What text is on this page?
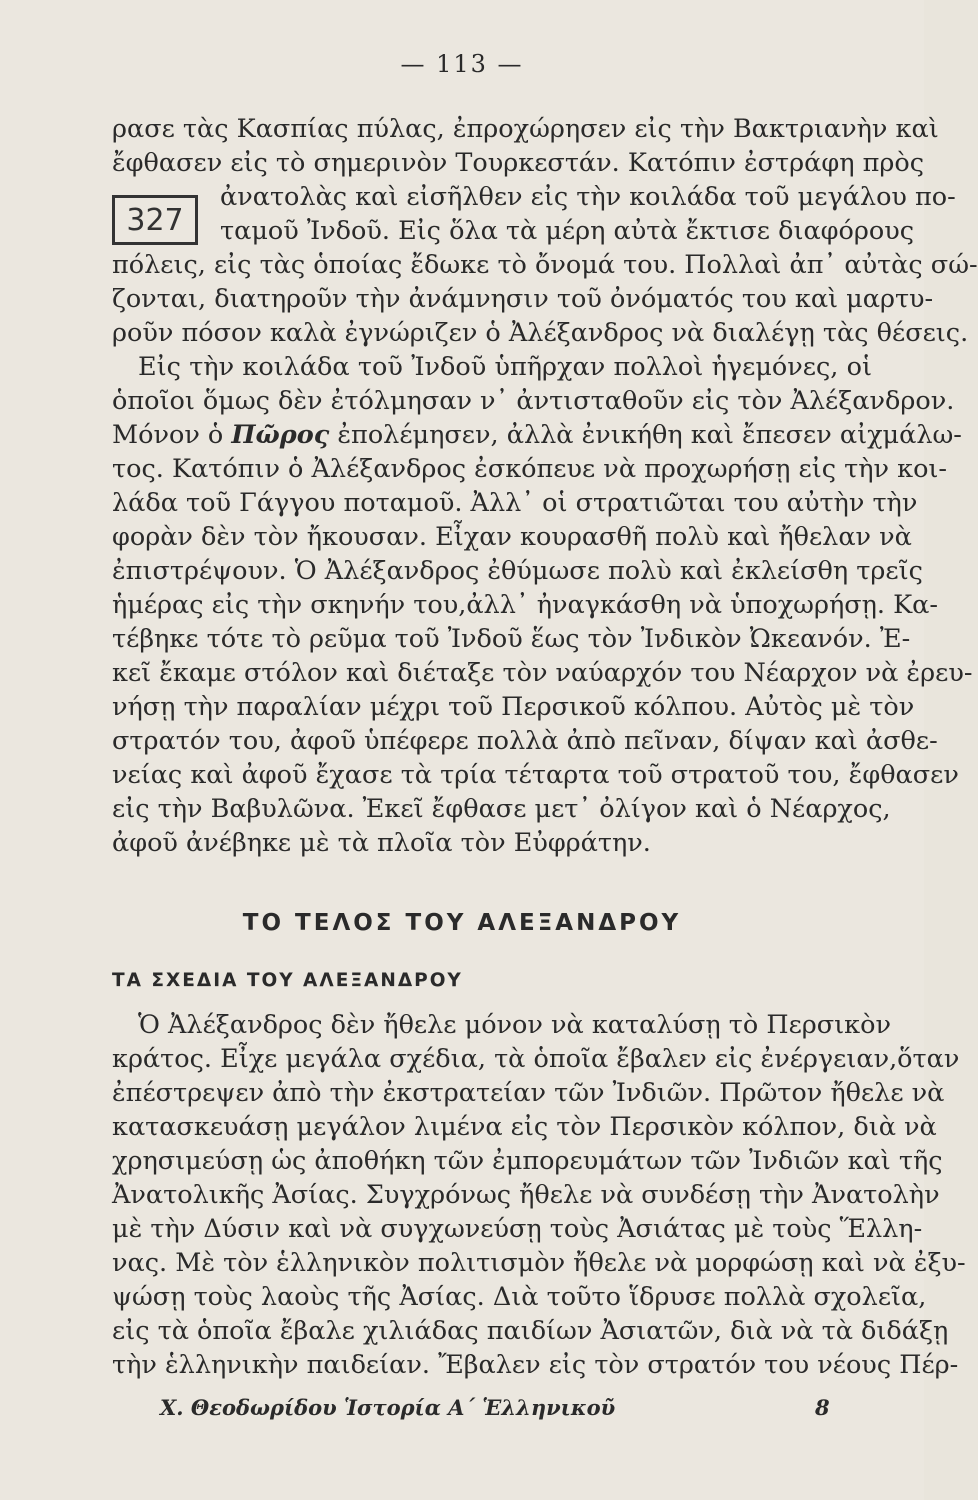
— 113 —
327
ρασε τὰς Κασπίας πύλας, ἐπροχώρησεν εἰς τὴν Βακτριανὴν καὶ
ἔφθασεν εἰς τὸ σημερινὸν Τουρκεστάν. Κατόπιν ἐστράφη πρὸς
ἀνατολὰς καὶ εἰσῆλθεν εἰς τὴν κοιλάδα τοῦ μεγάλου πο-
ταμοῦ Ἰνδοῦ. Εἰς ὅλα τὰ μέρη αὐτὰ ἔκτισε διαφόρους
πόλεις, εἰς τὰς ὁποίας ἔδωκε τὸ ὄνομά του. Πολλαὶ ἀπ᾿ αὐτὰς σώ-
ζονται, διατηροῦν τὴν ἀνάμνησιν τοῦ ὀνόματός του καὶ μαρτυ-
ροῦν πόσον καλὰ ἐγνώριζεν ὁ Ἀλέξανδρος νὰ διαλέγῃ τὰς θέσεις.
Εἰς τὴν κοιλάδα τοῦ Ἰνδοῦ ὑπῆρχαν πολλοὶ ἡγεμόνες, οἱ
ὁποῖοι ὅμως δὲν ἐτόλμησαν ν᾿ ἀντισταθοῦν εἰς τὸν Ἀλέξανδρον.
Μόνον ὁ Πῶρος ἐπολέμησεν, ἀλλὰ ἐνικήθη καὶ ἔπεσεν αἰχμάλω-
τος. Κατόπιν ὁ Ἀλέξανδρος ἐσκόπευε νὰ προχωρήσῃ εἰς τὴν κοι-
λάδα τοῦ Γάγγου ποταμοῦ. Ἀλλ᾿ οἱ στρατιῶται του αὐτὴν τὴν
φορὰν δὲν τὸν ἤκουσαν. Εἶχαν κουρασθῆ πολὺ καὶ ἤθελαν νὰ
ἐπιστρέψουν. Ὁ Ἀλέξανδρος ἐθύμωσε πολὺ καὶ ἐκλείσθη τρεῖς
ἡμέρας εἰς τὴν σκηνήν του,ἀλλ᾿ ἠναγκάσθη νὰ ὑποχωρήσῃ. Κα-
τέβηκε τότε τὸ ρεῦμα τοῦ Ἰνδοῦ ἕως τὸν Ἰνδικὸν Ὠκεανόν. Ἐ-
κεῖ ἔκαμε στόλον καὶ διέταξε τὸν ναύαρχόν του Νέαρχον νὰ ἐρευ-
νήσῃ τὴν παραλίαν μέχρι τοῦ Περσικοῦ κόλπου. Αὐτὸς μὲ τὸν
στρατόν του, ἀφοῦ ὑπέφερε πολλὰ ἀπὸ πεῖναν, δίψαν καὶ ἀσθε-
νείας καὶ ἀφοῦ ἔχασε τὰ τρία τέταρτα τοῦ στρατοῦ του, ἔφθασεν
εἰς τὴν Βαβυλῶνα. Ἐκεῖ ἔφθασε μετ᾿ ὀλίγον καὶ ὁ Νέαρχος,
ἀφοῦ ἀνέβηκε μὲ τὰ πλοῖα τὸν Εὐφράτην.
ΤΟ ΤΕΛΟΣ ΤΟΥ ΑΛΕΞΑΝΔΡΟΥ
ΤΑ ΣΧΕΔΙΑ ΤΟΥ ΑΛΕΞΑΝΔΡΟΥ
Ὁ Ἀλέξανδρος δὲν ἤθελε μόνον νὰ καταλύσῃ τὸ Περσικὸν
κράτος. Εἶχε μεγάλα σχέδια, τὰ ὁποῖα ἔβαλεν εἰς ἐνέργειαν,ὅταν
ἐπέστρεψεν ἀπὸ τὴν ἐκστρατείαν τῶν Ἰνδιῶν. Πρῶτον ἤθελε νὰ
κατασκευάσῃ μεγάλον λιμένα εἰς τὸν Περσικὸν κόλπον, διὰ νὰ
χρησιμεύσῃ ὡς ἀποθήκη τῶν ἐμπορευμάτων τῶν Ἰνδιῶν καὶ τῆς
Ἀνατολικῆς Ἀσίας. Συγχρόνως ἤθελε νὰ συνδέσῃ τὴν Ἀνατολὴν
μὲ τὴν Δύσιν καὶ νὰ συγχωνεύσῃ τοὺς Ἀσιάτας μὲ τοὺς Ἕλλη-
νας. Μὲ τὸν ἑλληνικὸν πολιτισμὸν ἤθελε νὰ μορφώσῃ καὶ νὰ ἐξυ-
ψώσῃ τοὺς λαοὺς τῆς Ἀσίας. Διὰ τοῦτο ἵδρυσε πολλὰ σχολεῖα,
εἰς τὰ ὁποῖα ἔβαλε χιλιάδας παιδίων Ἀσιατῶν, διὰ νὰ τὰ διδάξῃ
τὴν ἑλληνικὴν παιδείαν. Ἔβαλεν εἰς τὸν στρατόν του νέους Πέρ-
Χ. Θεοδωρίδου Ἱστορία Α΄ Ἑλληνικοῦ	8
